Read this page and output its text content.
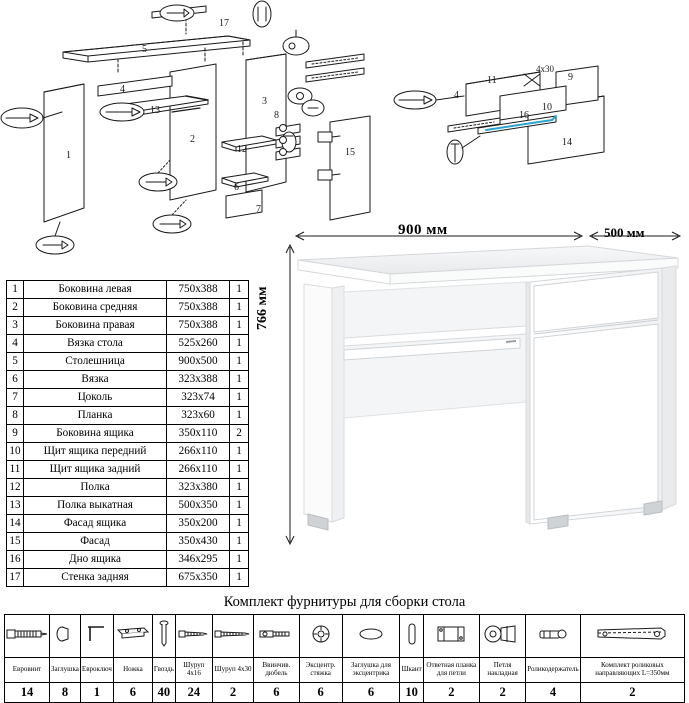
4х30
1
2
3
4
5
6
7
8
12
13
15
17
9
10
11
14
16
4
1	Боковина левая	750х388	1
2	Боковина средняя	750х388	1
3	Боковина правая	750х388	1
4	Вязка стола	525х260	1
5	Столешница	900х500	1
6	Вязка	323х388	1
7	Цоколь	323х74	1
8	Планка	323х60	1
9	Боковина ящика	350х110	2
10	Щит ящика передний	266х110	1
11	Щит ящика задний	266х110	1
12	Полка	323х380	1
13	Полка выкатная	500х350	1
14	Фасад ящика	350х200	1
15	Фасад	350х430	1
16	Дно ящика	346х295	1
17	Стенка задняя	675х350	1
900 мм	500 мм
766 мм
Комплект фурнитуры для сборки стола

Евровинт	Заглушка	Евроключ	Ножка	Гвоздь	Шуруп 4х16	Шуруп 4х30	Ввинчив. дюбель	Эксцентр. стяжка	Заглушка для эксцентрика	Шкант	Ответная планка для петли	Петля накладная	Роликодержатель	Комплект роликовых направляющих L=350мм
14	8	1	6	40	24	2	6	6	6	10	2	2	4	2
